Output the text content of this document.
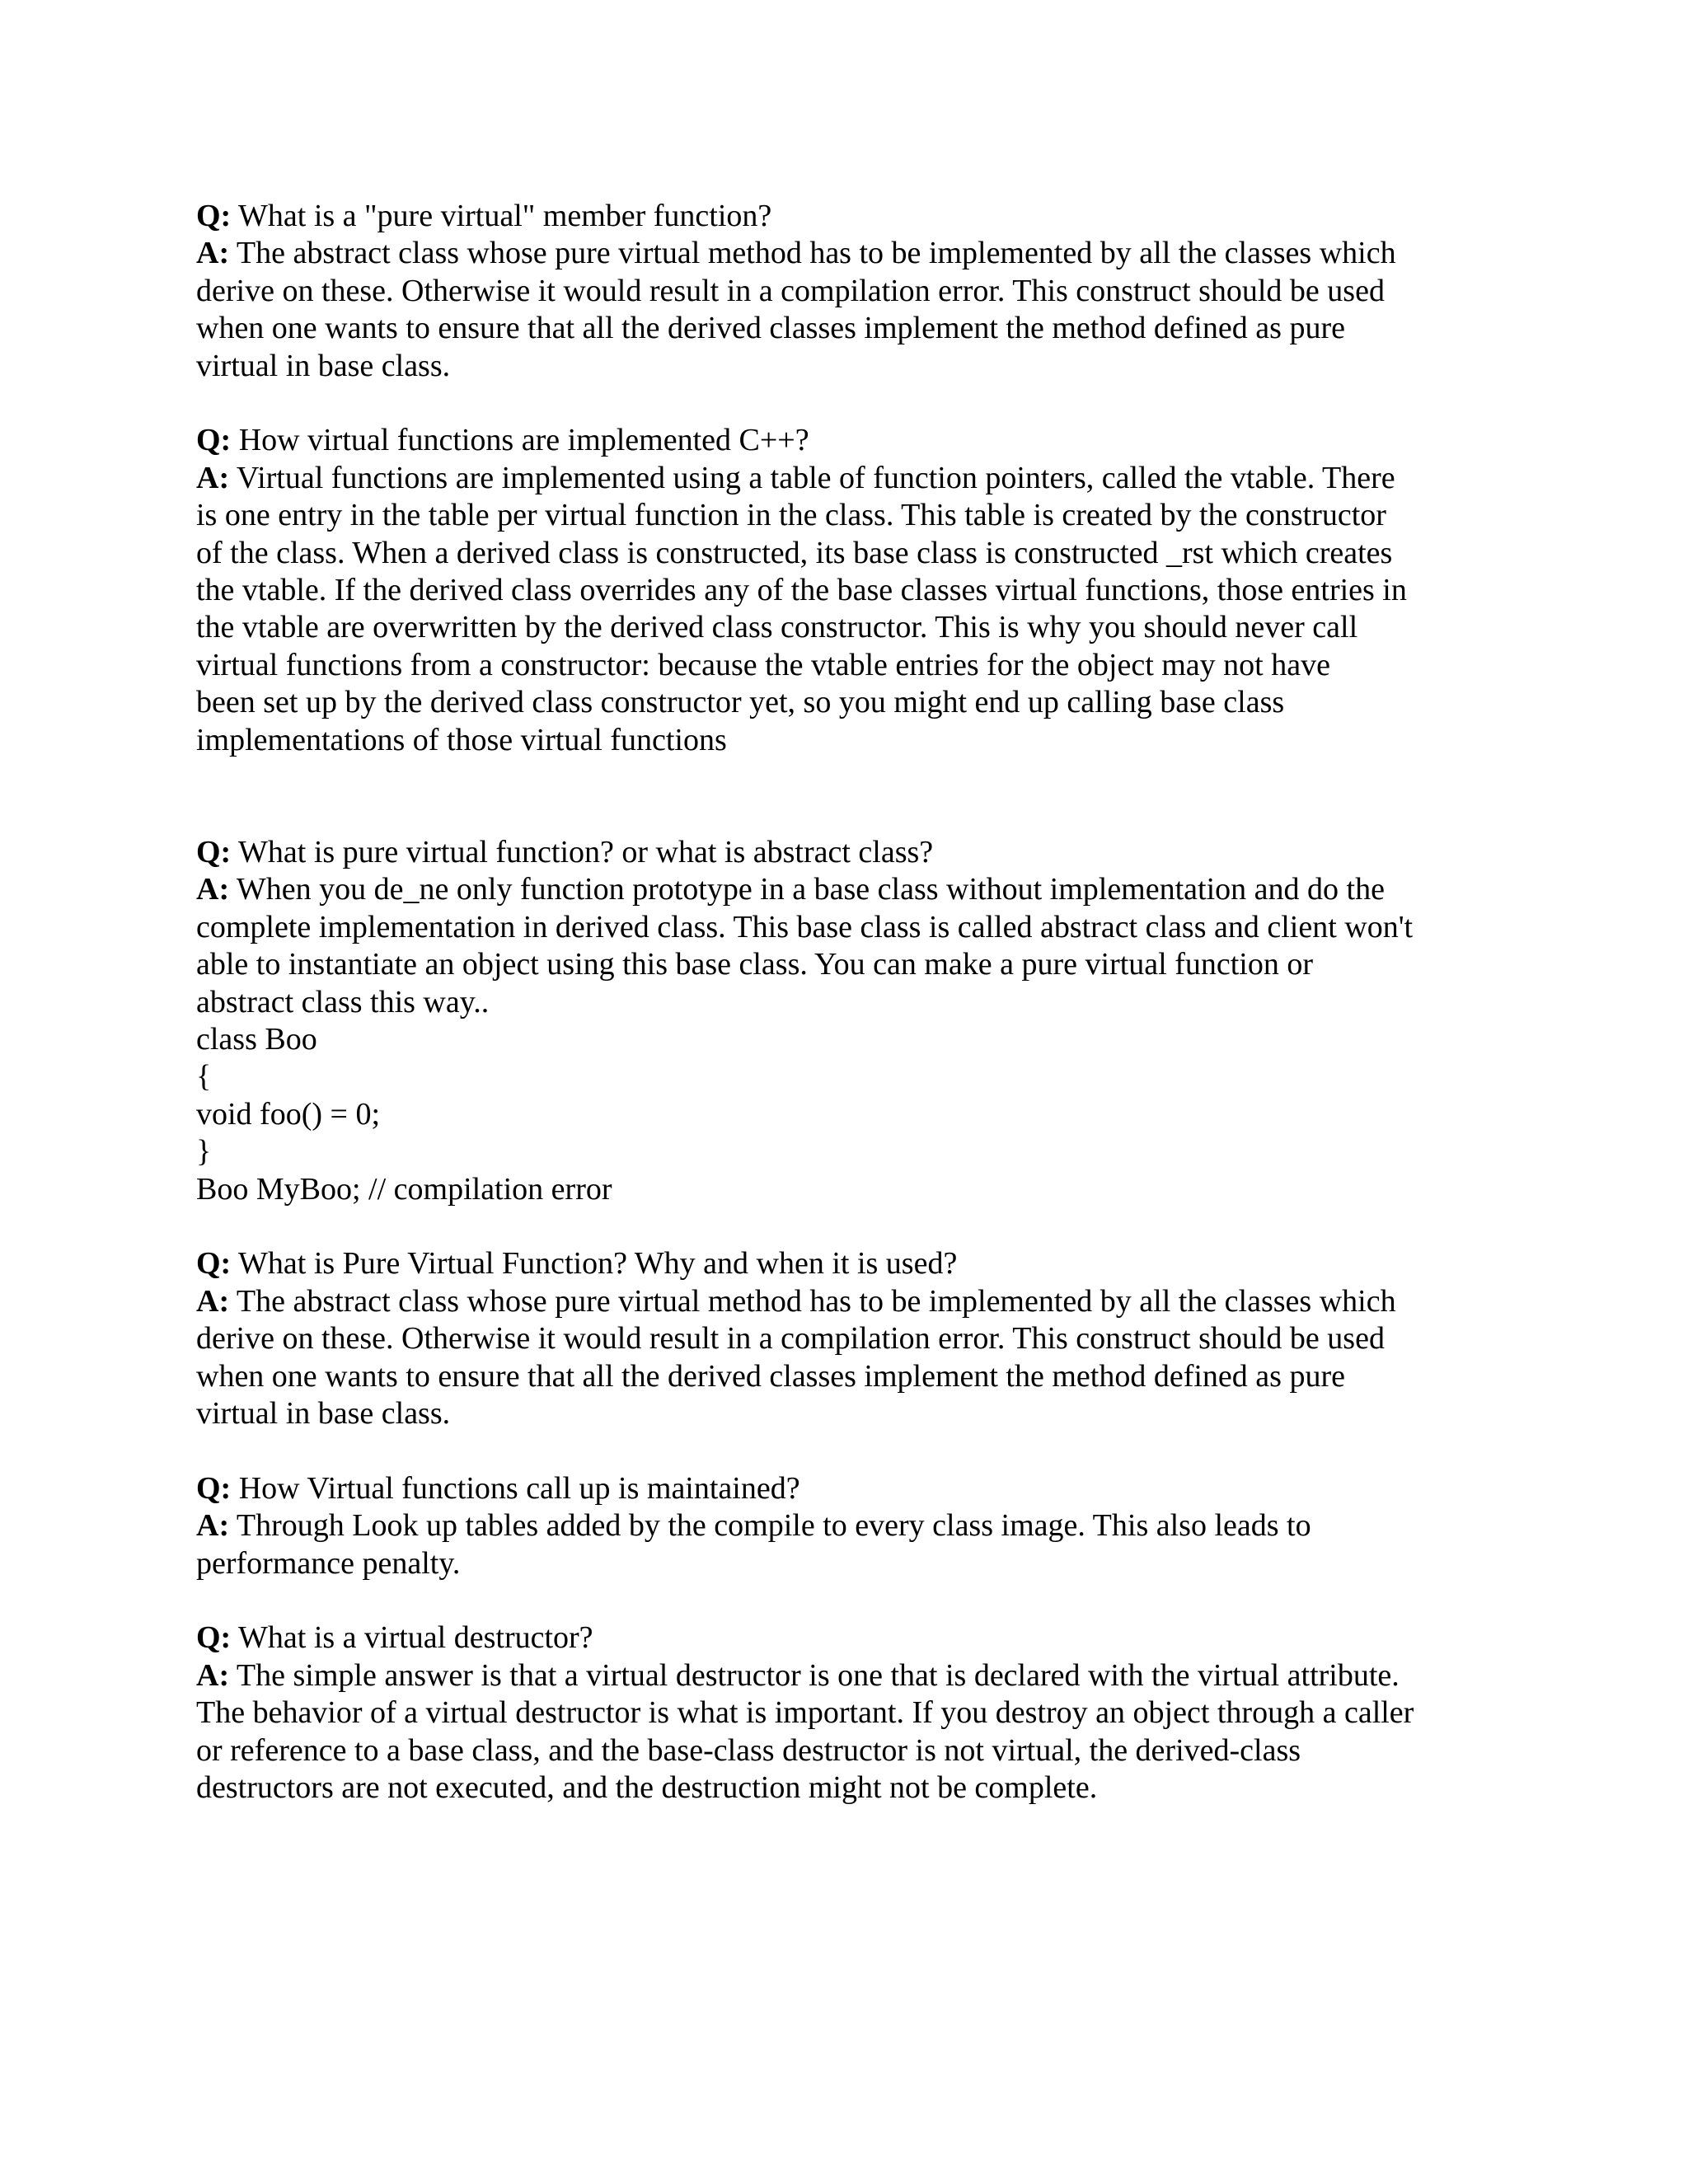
Q: What is a "pure virtual" member function?
A: The abstract class whose pure virtual method has to be implemented by all the classes which
derive on these. Otherwise it would result in a compilation error. This construct should be used
when one wants to ensure that all the derived classes implement the method defined as pure
virtual in base class.
Q: How virtual functions are implemented C++?
A: Virtual functions are implemented using a table of function pointers, called the vtable. There
is one entry in the table per virtual function in the class. This table is created by the constructor
of the class. When a derived class is constructed, its base class is constructed _rst which creates
the vtable. If the derived class overrides any of the base classes virtual functions, those entries in
the vtable are overwritten by the derived class constructor. This is why you should never call
virtual functions from a constructor: because the vtable entries for the object may not have
been set up by the derived class constructor yet, so you might end up calling base class
implementations of those virtual functions
Q: What is pure virtual function? or what is abstract class?
A: When you de_ne only function prototype in a base class without implementation and do the
complete implementation in derived class. This base class is called abstract class and client won't
able to instantiate an object using this base class. You can make a pure virtual function or
abstract class this way..
class Boo
{
void foo() = 0;
}
Boo MyBoo; // compilation error
Q: What is Pure Virtual Function? Why and when it is used?
A: The abstract class whose pure virtual method has to be implemented by all the classes which
derive on these. Otherwise it would result in a compilation error. This construct should be used
when one wants to ensure that all the derived classes implement the method defined as pure
virtual in base class.
Q: How Virtual functions call up is maintained?
A: Through Look up tables added by the compile to every class image. This also leads to
performance penalty.
Q: What is a virtual destructor?
A: The simple answer is that a virtual destructor is one that is declared with the virtual attribute.
The behavior of a virtual destructor is what is important. If you destroy an object through a caller
or reference to a base class, and the base-class destructor is not virtual, the derived-class
destructors are not executed, and the destruction might not be complete.
